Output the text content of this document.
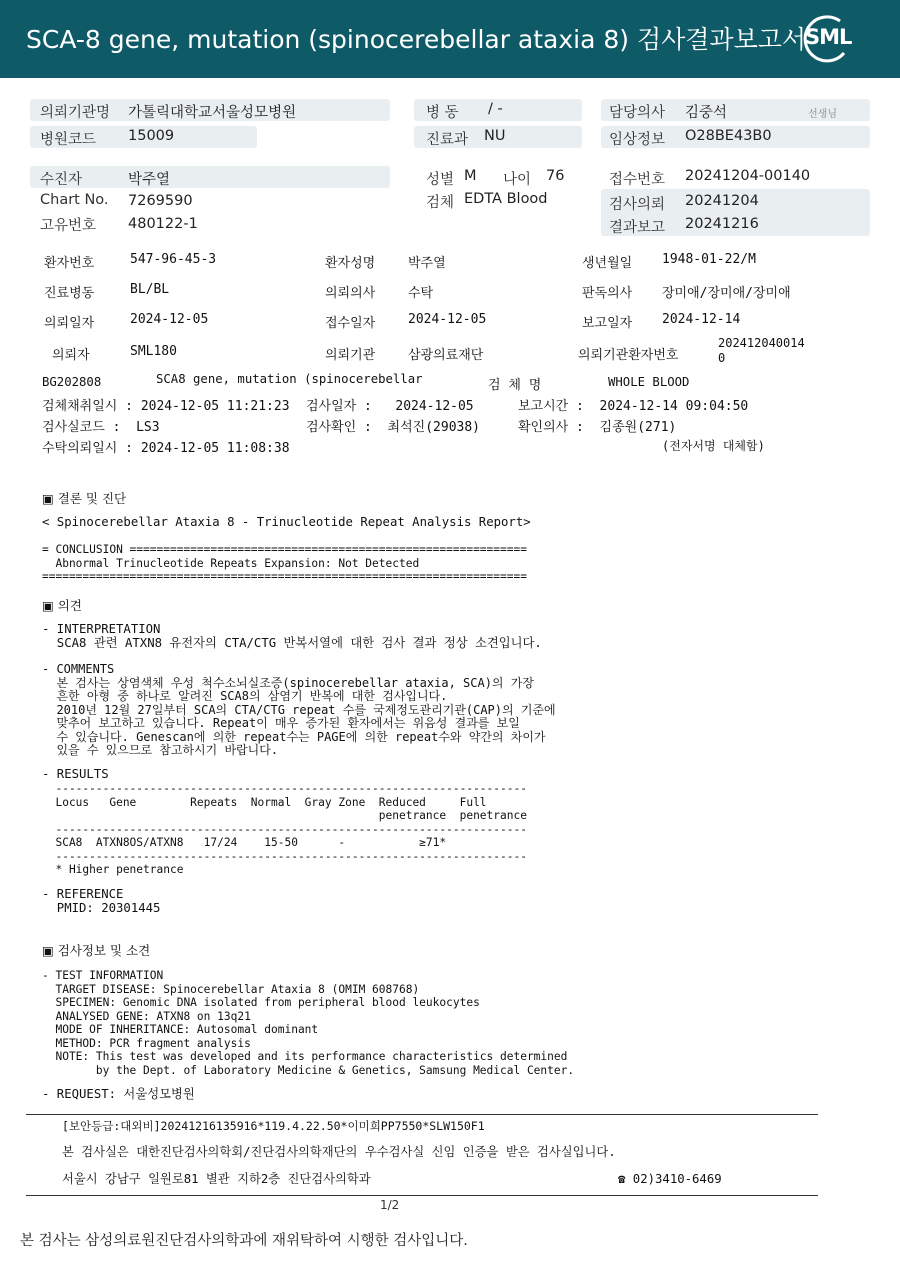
SCA-8 gene, mutation (spinocerebellar ataxia 8) 검사결과보고서
SML
의뢰기관명 가톨릭대학교서울성모병원
병원코드 15009
병 동 / -
진료과 NU
담당의사 김중석	선생님
임상정보 O28BE43B0
수진자	박주열
Chart No. 7269590
고유번호 480122-1
성별 M 나이 76
검체 EDTA Blood
접수번호 20241204-00140
검사의뢰 20241204
결과보고 20241216
환자번호	547-96-45-3	환자성명	박주열	생년월일 1948-01-22/M
진료병동	BL/BL	의뢰의사	수탁	판독의사 장미애/장미애/장미애
의뢰일자	2024-12-05	접수일자	2024-12-05	보고일자 2024-12-14
의뢰자	SML180	의뢰기관	삼광의료재단	의뢰기관환자번호
202412040014
0
BG202808	SCA8 gene, mutation (spinocerebellar	검 체 명	WHOLE BLOOD
검체채취일시 : 2024-12-05 11:21:23 검사일자 :   2024-12-05	보고시간 :  2024-12-14 09:04:50
검사실코드 :  LS3	검사확인 :  최석진(29038)	확인의사 :  김종원(271)
수탁의뢰일시 : 2024-12-05 11:08:38	(전자서명 대체함)
▣ 결론 및 진단
< Spinocerebellar Ataxia 8 - Trinucleotide Repeat Analysis Report>
= CONCLUSION ===========================================================
Abnormal Trinucleotide Repeats Expansion: Not Detected
========================================================================
▣ 의견
- INTERPRETATION
SCA8 관련 ATXN8 유전자의 CTA/CTG 반복서열에 대한 검사 결과 정상 소견입니다.
- COMMENTS
본 검사는 상염색체 우성 척수소뇌실조증(spinocerebellar ataxia, SCA)의 가장
흔한 아형 중 하나로 알려진 SCA8의 삼염기 반복에 대한 검사입니다.
2010년 12월 27일부터 SCA의 CTA/CTG repeat 수를 국제정도관리기관(CAP)의 기준에
맞추어 보고하고 있습니다. Repeat이 매우 증가된 환자에서는 위음성 결과를 보일
수 있습니다. Genescan에 의한 repeat수는 PAGE에 의한 repeat수와 약간의 차이가
있을 수 있으므로 참고하시기 바랍니다.
- RESULTS
----------------------------------------------------------------------
Locus   Gene        Repeats  Normal  Gray Zone  Reduced     Full
penetrance  penetrance
----------------------------------------------------------------------
SCA8  ATXN8OS/ATXN8   17/24    15-50      -           ≥71*
----------------------------------------------------------------------
* Higher penetrance
- REFERENCE
PMID: 20301445
▣ 검사정보 및 소견
- TEST INFORMATION
TARGET DISEASE: Spinocerebellar Ataxia 8 (OMIM 608768)
SPECIMEN: Genomic DNA isolated from peripheral blood leukocytes
ANALYSED GENE: ATXN8 on 13q21
MODE OF INHERITANCE: Autosomal dominant
METHOD: PCR fragment analysis
NOTE: This test was developed and its performance characteristics determined
by the Dept. of Laboratory Medicine & Genetics, Samsung Medical Center.
- REQUEST: 서울성모병원
[보안등급:대외비]20241216135916*119.4.22.50*이미희PP7550*SLW150F1
본 검사실은 대한진단검사의학회/진단검사의학재단의 우수검사실 신임 인증을 받은 검사실입니다.
서울시 강남구 일원로81 별관 지하2층 진단검사의학과	☎ 02)3410-6469
1/2
본 검사는 삼성의료원진단검사의학과에 재위탁하여 시행한 검사입니다.
